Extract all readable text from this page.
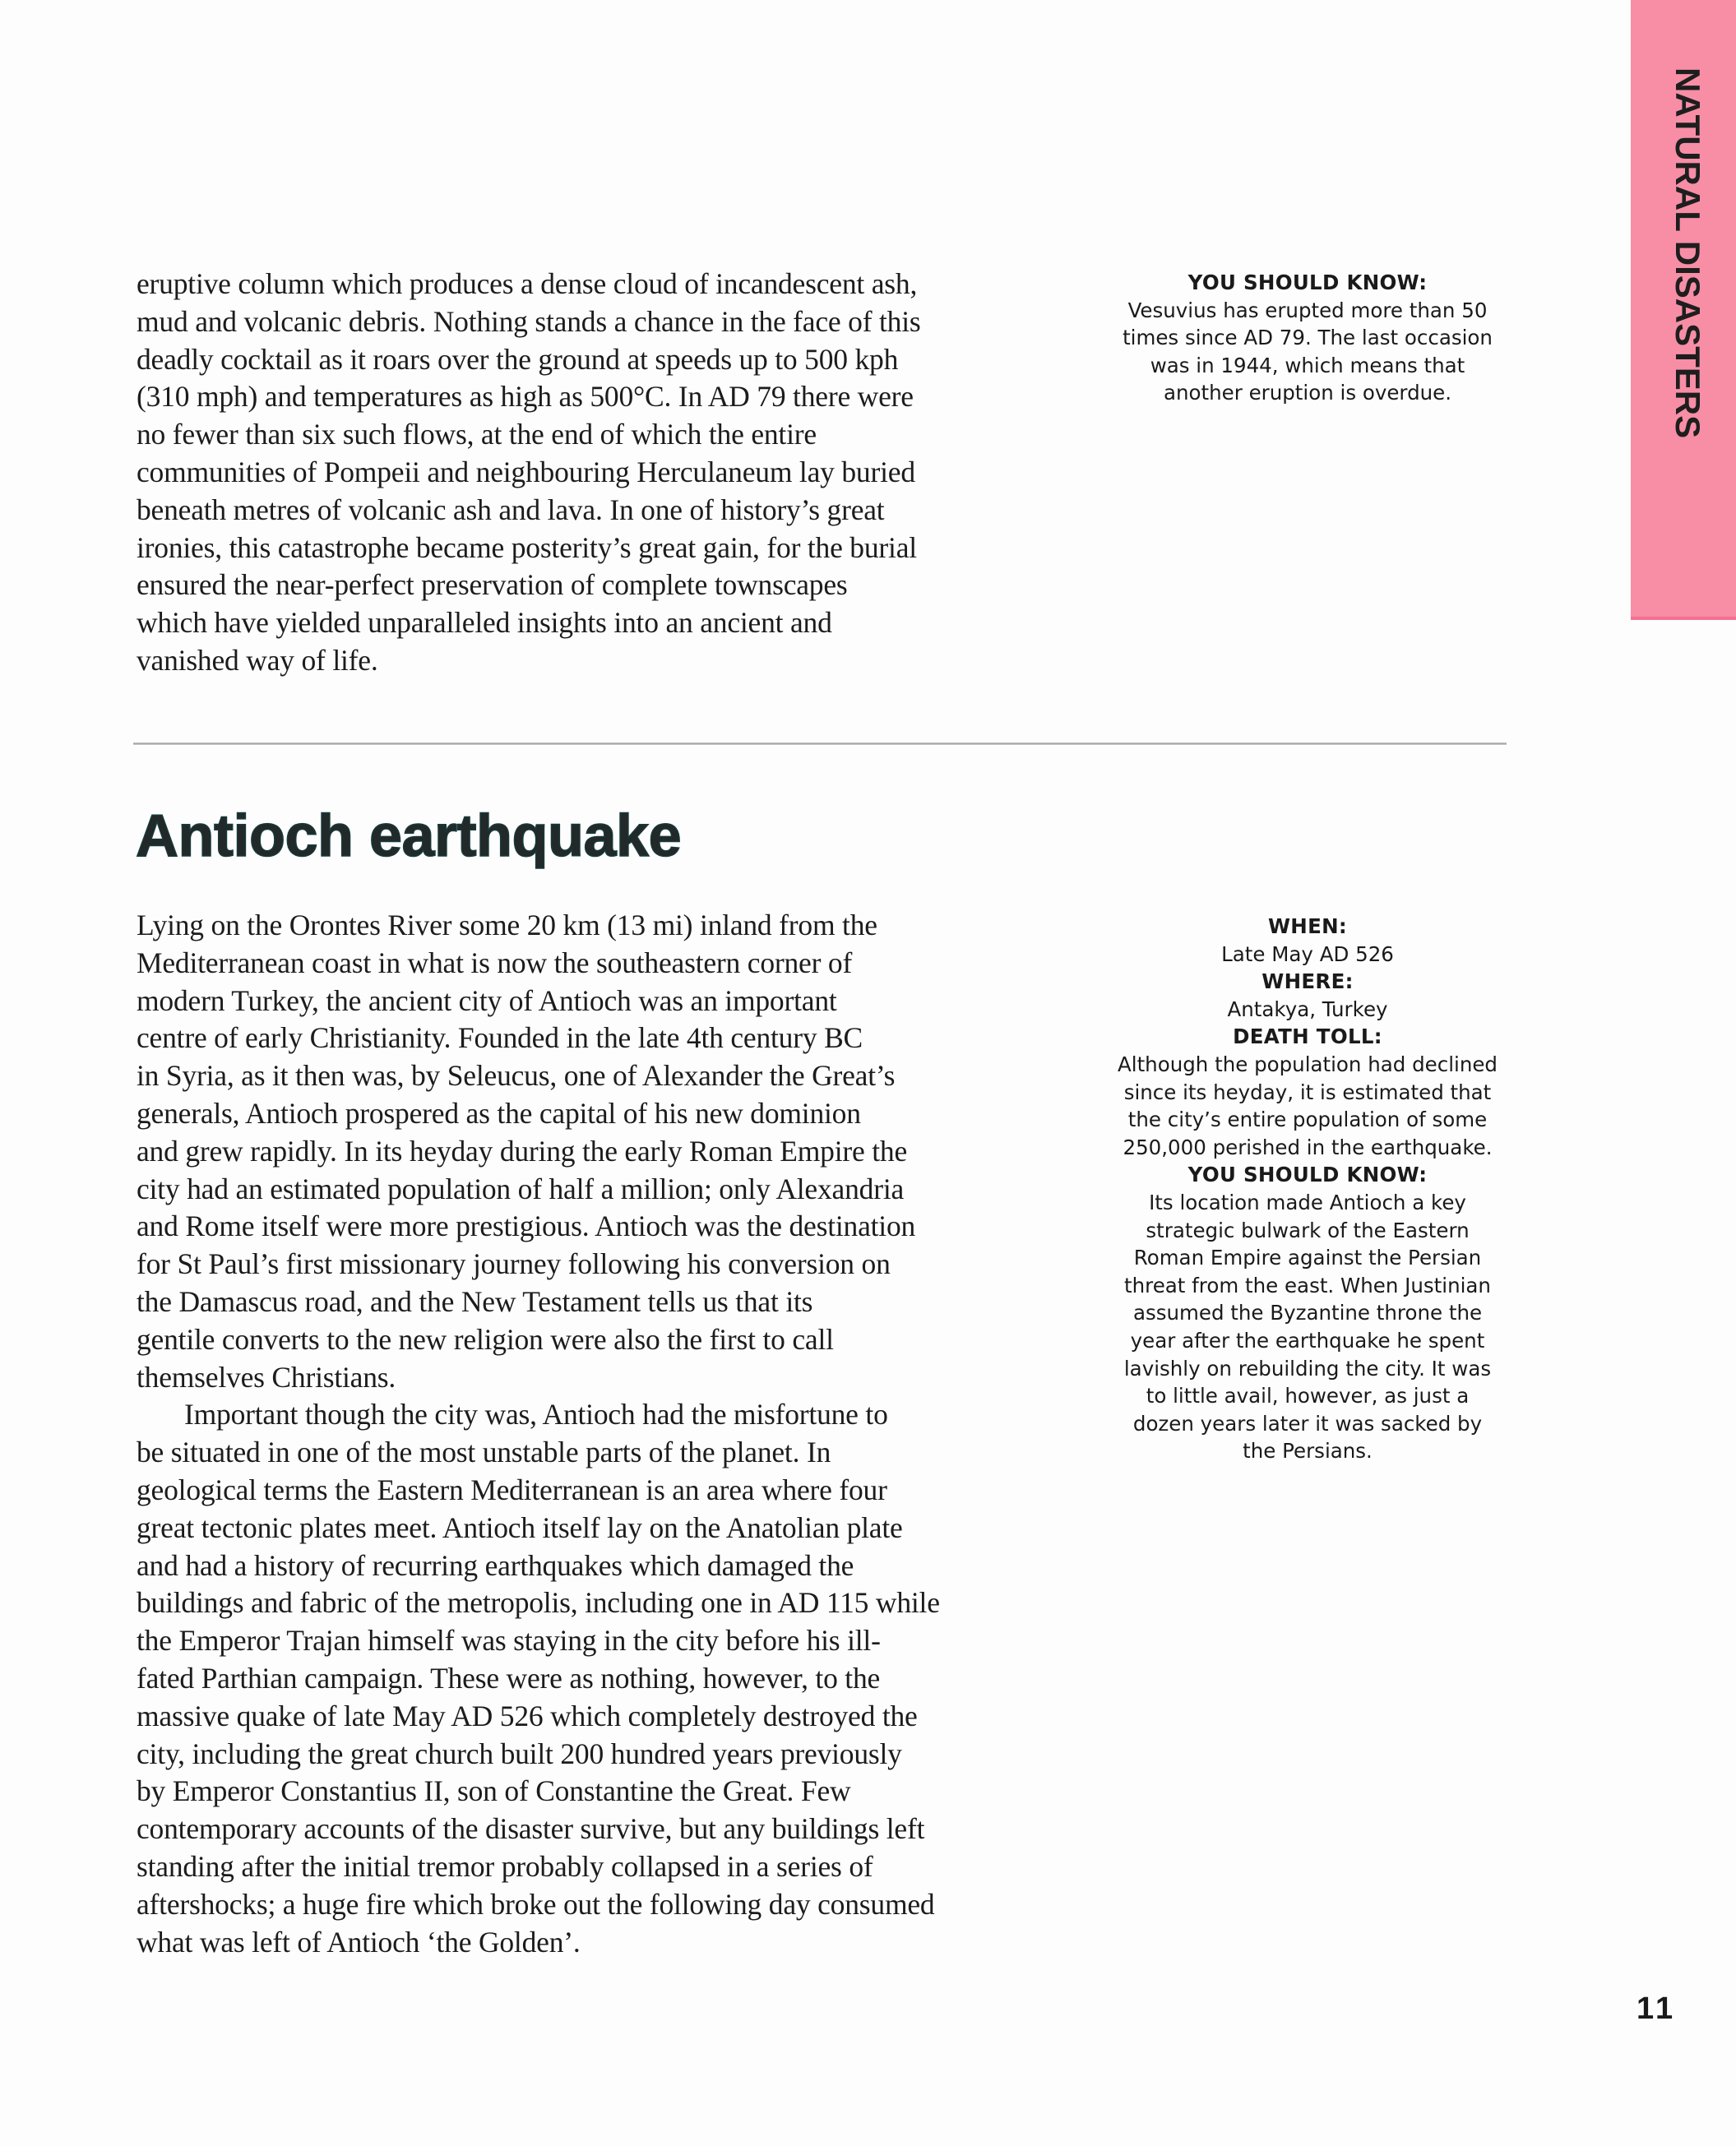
NATURAL DISASTERS

eruptive column which produces a dense cloud of incandescent ash,
mud and volcanic debris. Nothing stands a chance in the face of this
deadly cocktail as it roars over the ground at speeds up to 500 kph
(310 mph) and temperatures as high as 500°C. In AD 79 there were
no fewer than six such flows, at the end of which the entire
communities of Pompeii and neighbouring Herculaneum lay buried
beneath metres of volcanic ash and lava. In one of history’s great
ironies, this catastrophe became posterity’s great gain, for the burial
ensured the near-perfect preservation of complete townscapes
which have yielded unparalleled insights into an ancient and
vanished way of life.

YOU SHOULD KNOW:
Vesuvius has erupted more than 50
times since AD 79. The last occasion
was in 1944, which means that
another eruption is overdue.
Antioch earthquake

Lying on the Orontes River some 20 km (13 mi) inland from the
Mediterranean coast in what is now the southeastern corner of
modern Turkey, the ancient city of Antioch was an important
centre of early Christianity. Founded in the late 4th century BC
in Syria, as it then was, by Seleucus, one of Alexander the Great’s
generals, Antioch prospered as the capital of his new dominion
and grew rapidly. In its heyday during the early Roman Empire the
city had an estimated population of half a million; only Alexandria
and Rome itself were more prestigious. Antioch was the destination
for St Paul’s first missionary journey following his conversion on
the Damascus road, and the New Testament tells us that its
gentile converts to the new religion were also the first to call
themselves Christians.

Important though the city was, Antioch had the misfortune to
be situated in one of the most unstable parts of the planet. In
geological terms the Eastern Mediterranean is an area where four
great tectonic plates meet. Antioch itself lay on the Anatolian plate
and had a history of recurring earthquakes which damaged the
buildings and fabric of the metropolis, including one in AD 115 while
the Emperor Trajan himself was staying in the city before his ill-
fated Parthian campaign. These were as nothing, however, to the
massive quake of late May AD 526 which completely destroyed the
city, including the great church built 200 hundred years previously
by Emperor Constantius II, son of Constantine the Great. Few
contemporary accounts of the disaster survive, but any buildings left
standing after the initial tremor probably collapsed in a series of
aftershocks; a huge fire which broke out the following day consumed
what was left of Antioch ‘the Golden’.

WHEN:
Late May AD 526
WHERE:
Antakya, Turkey
DEATH TOLL:
Although the population had declined
since its heyday, it is estimated that
the city’s entire population of some
250,000 perished in the earthquake.
YOU SHOULD KNOW:
Its location made Antioch a key
strategic bulwark of the Eastern
Roman Empire against the Persian
threat from the east. When Justinian
assumed the Byzantine throne the
year after the earthquake he spent
lavishly on rebuilding the city. It was
to little avail, however, as just a
dozen years later it was sacked by
the Persians.
11
